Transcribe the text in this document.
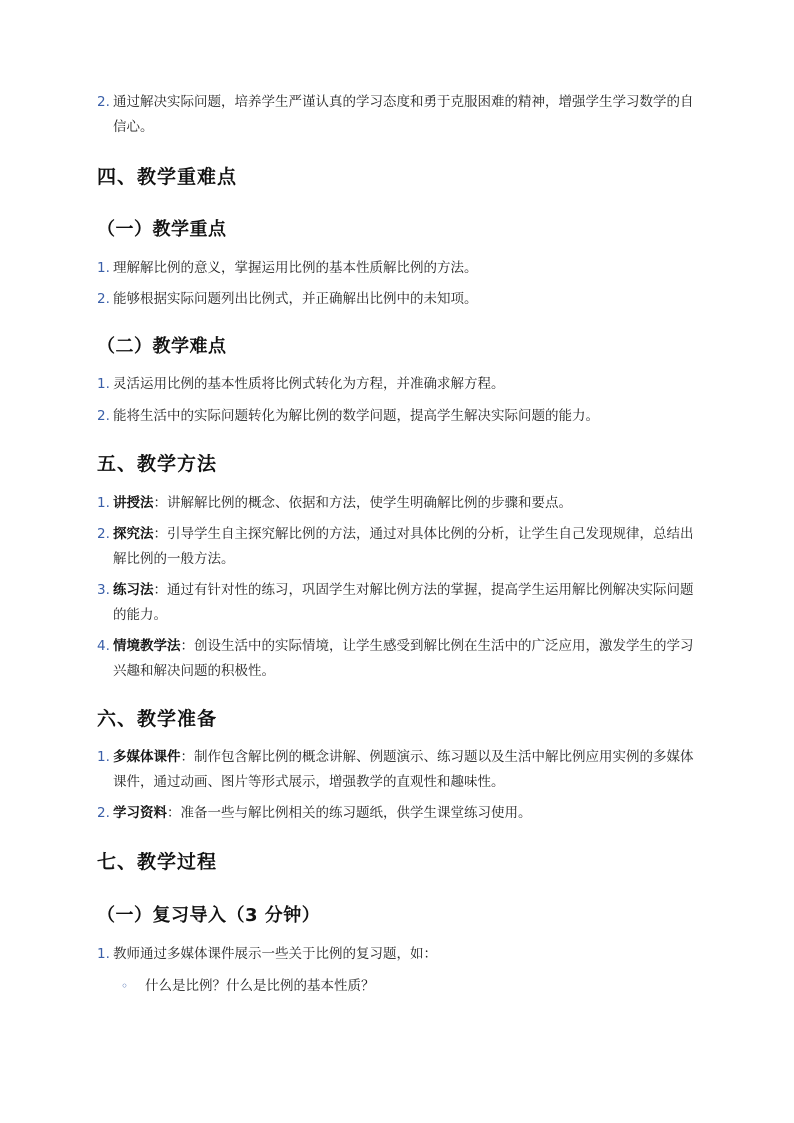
2. 通过解决实际问题，培养学生严谨认真的学习态度和勇于克服困难的精神，增强学生学习数学的自信心。
四、教学重难点
（一）教学重点
1. 理解解比例的意义，掌握运用比例的基本性质解比例的方法。
2. 能够根据实际问题列出比例式，并正确解出比例中的未知项。
（二）教学难点
1. 灵活运用比例的基本性质将比例式转化为方程，并准确求解方程。
2. 能将生活中的实际问题转化为解比例的数学问题，提高学生解决实际问题的能力。
五、教学方法
1. 讲授法：讲解解比例的概念、依据和方法，使学生明确解比例的步骤和要点。
2. 探究法：引导学生自主探究解比例的方法，通过对具体比例的分析，让学生自己发现规律，总结出解比例的一般方法。
3. 练习法：通过有针对性的练习，巩固学生对解比例方法的掌握，提高学生运用解比例解决实际问题的能力。
4. 情境教学法：创设生活中的实际情境，让学生感受到解比例在生活中的广泛应用，激发学生的学习兴趣和解决问题的积极性。
六、教学准备
1. 多媒体课件：制作包含解比例的概念讲解、例题演示、练习题以及生活中解比例应用实例的多媒体课件，通过动画、图片等形式展示，增强教学的直观性和趣味性。
2. 学习资料：准备一些与解比例相关的练习题纸，供学生课堂练习使用。
七、教学过程
（一）复习导入（3 分钟）
1. 教师通过多媒体课件展示一些关于比例的复习题，如：
◦ 什么是比例？什么是比例的基本性质？
